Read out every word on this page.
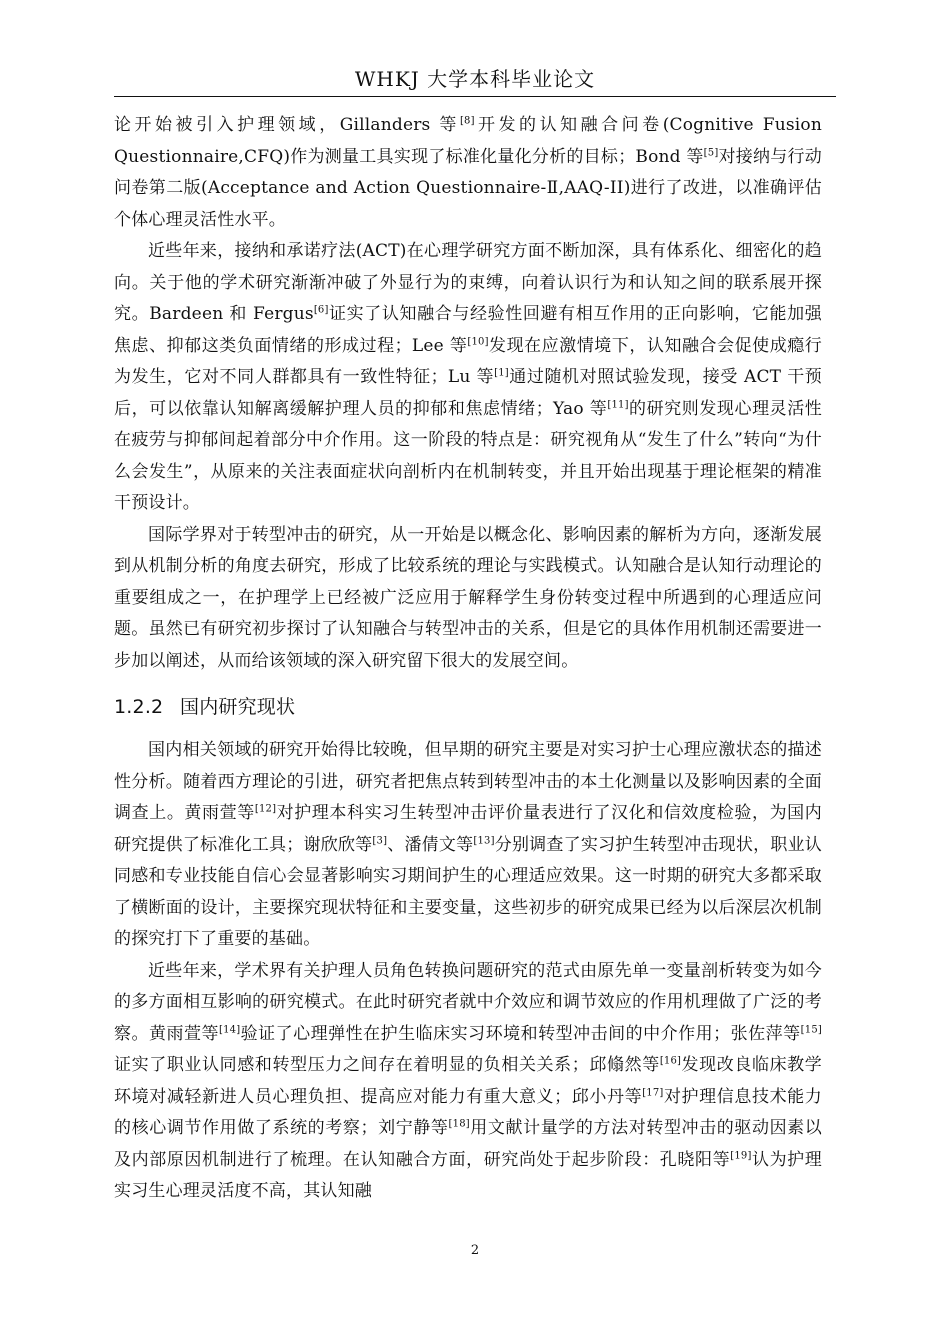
WHKJ 大学本科毕业论文

论开始被引入护理领域，Gillanders 等[8]开发的认知融合问卷(Cognitive Fusion Questionnaire,CFQ)作为测量工具实现了标准化量化分析的目标；Bond 等[5]对接纳与行动问卷第二版(Acceptance and Action Questionnaire-Ⅱ,AAQ-II)进行了改进，以准确评估个体心理灵活性水平。

近些年来，接纳和承诺疗法(ACT)在心理学研究方面不断加深，具有体系化、细密化的趋向。关于他的学术研究渐渐冲破了外显行为的束缚，向着认识行为和认知之间的联系展开探究。Bardeen 和 Fergus[6]证实了认知融合与经验性回避有相互作用的正向影响，它能加强焦虑、抑郁这类负面情绪的形成过程；Lee 等[10]发现在应激情境下，认知融合会促使成瘾行为发生，它对不同人群都具有一致性特征；Lu 等[1]通过随机对照试验发现，接受 ACT 干预后，可以依靠认知解离缓解护理人员的抑郁和焦虑情绪；Yao 等[11]的研究则发现心理灵活性在疲劳与抑郁间起着部分中介作用。这一阶段的特点是：研究视角从“发生了什么”转向“为什么会发生”，从原来的关注表面症状向剖析内在机制转变，并且开始出现基于理论框架的精准干预设计。

国际学界对于转型冲击的研究，从一开始是以概念化、影响因素的解析为方向，逐渐发展到从机制分析的角度去研究，形成了比较系统的理论与实践模式。认知融合是认知行动理论的重要组成之一，在护理学上已经被广泛应用于解释学生身份转变过程中所遇到的心理适应问题。虽然已有研究初步探讨了认知融合与转型冲击的关系，但是它的具体作用机制还需要进一步加以阐述，从而给该领域的深入研究留下很大的发展空间。

1.2.2 国内研究现状

国内相关领域的研究开始得比较晚，但早期的研究主要是对实习护士心理应激状态的描述性分析。随着西方理论的引进，研究者把焦点转到转型冲击的本土化测量以及影响因素的全面调查上。黄雨萱等[12]对护理本科实习生转型冲击评价量表进行了汉化和信效度检验，为国内研究提供了标准化工具；谢欣欣等[3]、潘倩文等[13]分别调查了实习护生转型冲击现状，职业认同感和专业技能自信心会显著影响实习期间护生的心理适应效果。这一时期的研究大多都采取了横断面的设计，主要探究现状特征和主要变量，这些初步的研究成果已经为以后深层次机制的探究打下了重要的基础。

近些年来，学术界有关护理人员角色转换问题研究的范式由原先单一变量剖析转变为如今的多方面相互影响的研究模式。在此时研究者就中介效应和调节效应的作用机理做了广泛的考察。黄雨萱等[14]验证了心理弹性在护生临床实习环境和转型冲击间的中介作用；张佐萍等[15]证实了职业认同感和转型压力之间存在着明显的负相关关系；邱翛然等[16]发现改良临床教学环境对减轻新进人员心理负担、提高应对能力有重大意义；邱小丹等[17]对护理信息技术能力的核心调节作用做了系统的考察；刘宁静等[18]用文献计量学的方法对转型冲击的驱动因素以及内部原因机制进行了梳理。在认知融合方面，研究尚处于起步阶段：孔晓阳等[19]认为护理实习生心理灵活度不高，其认知融

2
